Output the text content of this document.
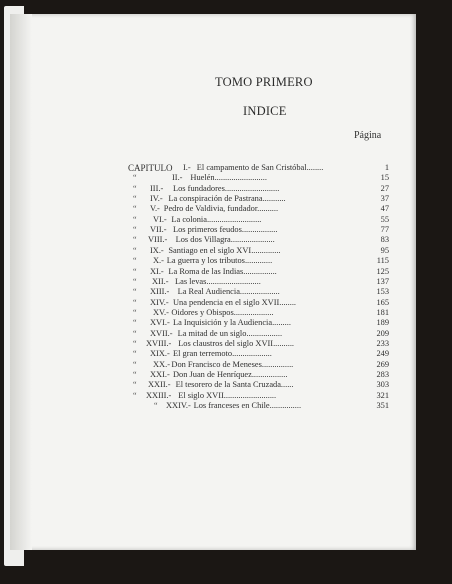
TOMO PRIMERO
INDICE
Página
CAPITULO I.- El campamento de San Cristóbal........	1
“	II.- Huelén.........................	15
“ III.- Los fundadores..........................	27
“ IV.- La conspiración de Pastrana...........	37
“ V.- Pedro de Valdivia, fundador..........	47
“ VI.- La colonia..........................	55
“ VII.- Los primeros feudos.................	77
“ VIII.- Los dos Villagra.....................	83
“ IX.- Santiago en el siglo XVI..............	95
“ X.- La guerra y los tributos.............	115
“ XI.- La Roma de las Indias................	125
“ XII.- Las levas..........................	137
“ XIII.- La Real Audiencia...................	153
“ XIV.- Una pendencia en el siglo XVII........	165
“ XV.- Oidores y Obispos...................	181
“ XVI.- La Inquisición y la Audiencia.........	189
“ XVII.- La mitad de un siglo.................	209
“ XVIII.- Los claustros del siglo XVII..........	233
“ XIX.- El gran terremoto...................	249
“ XX.- Don Francisco de Meneses...............	269
“ XXI.- Don Juan de Henríquez.................	283
“ XXII.- El tesorero de la Santa Cruzada......	303
“ XXIII.- El siglo XVII.........................	321
“ XXIV.- Los franceses en Chile...............	351
